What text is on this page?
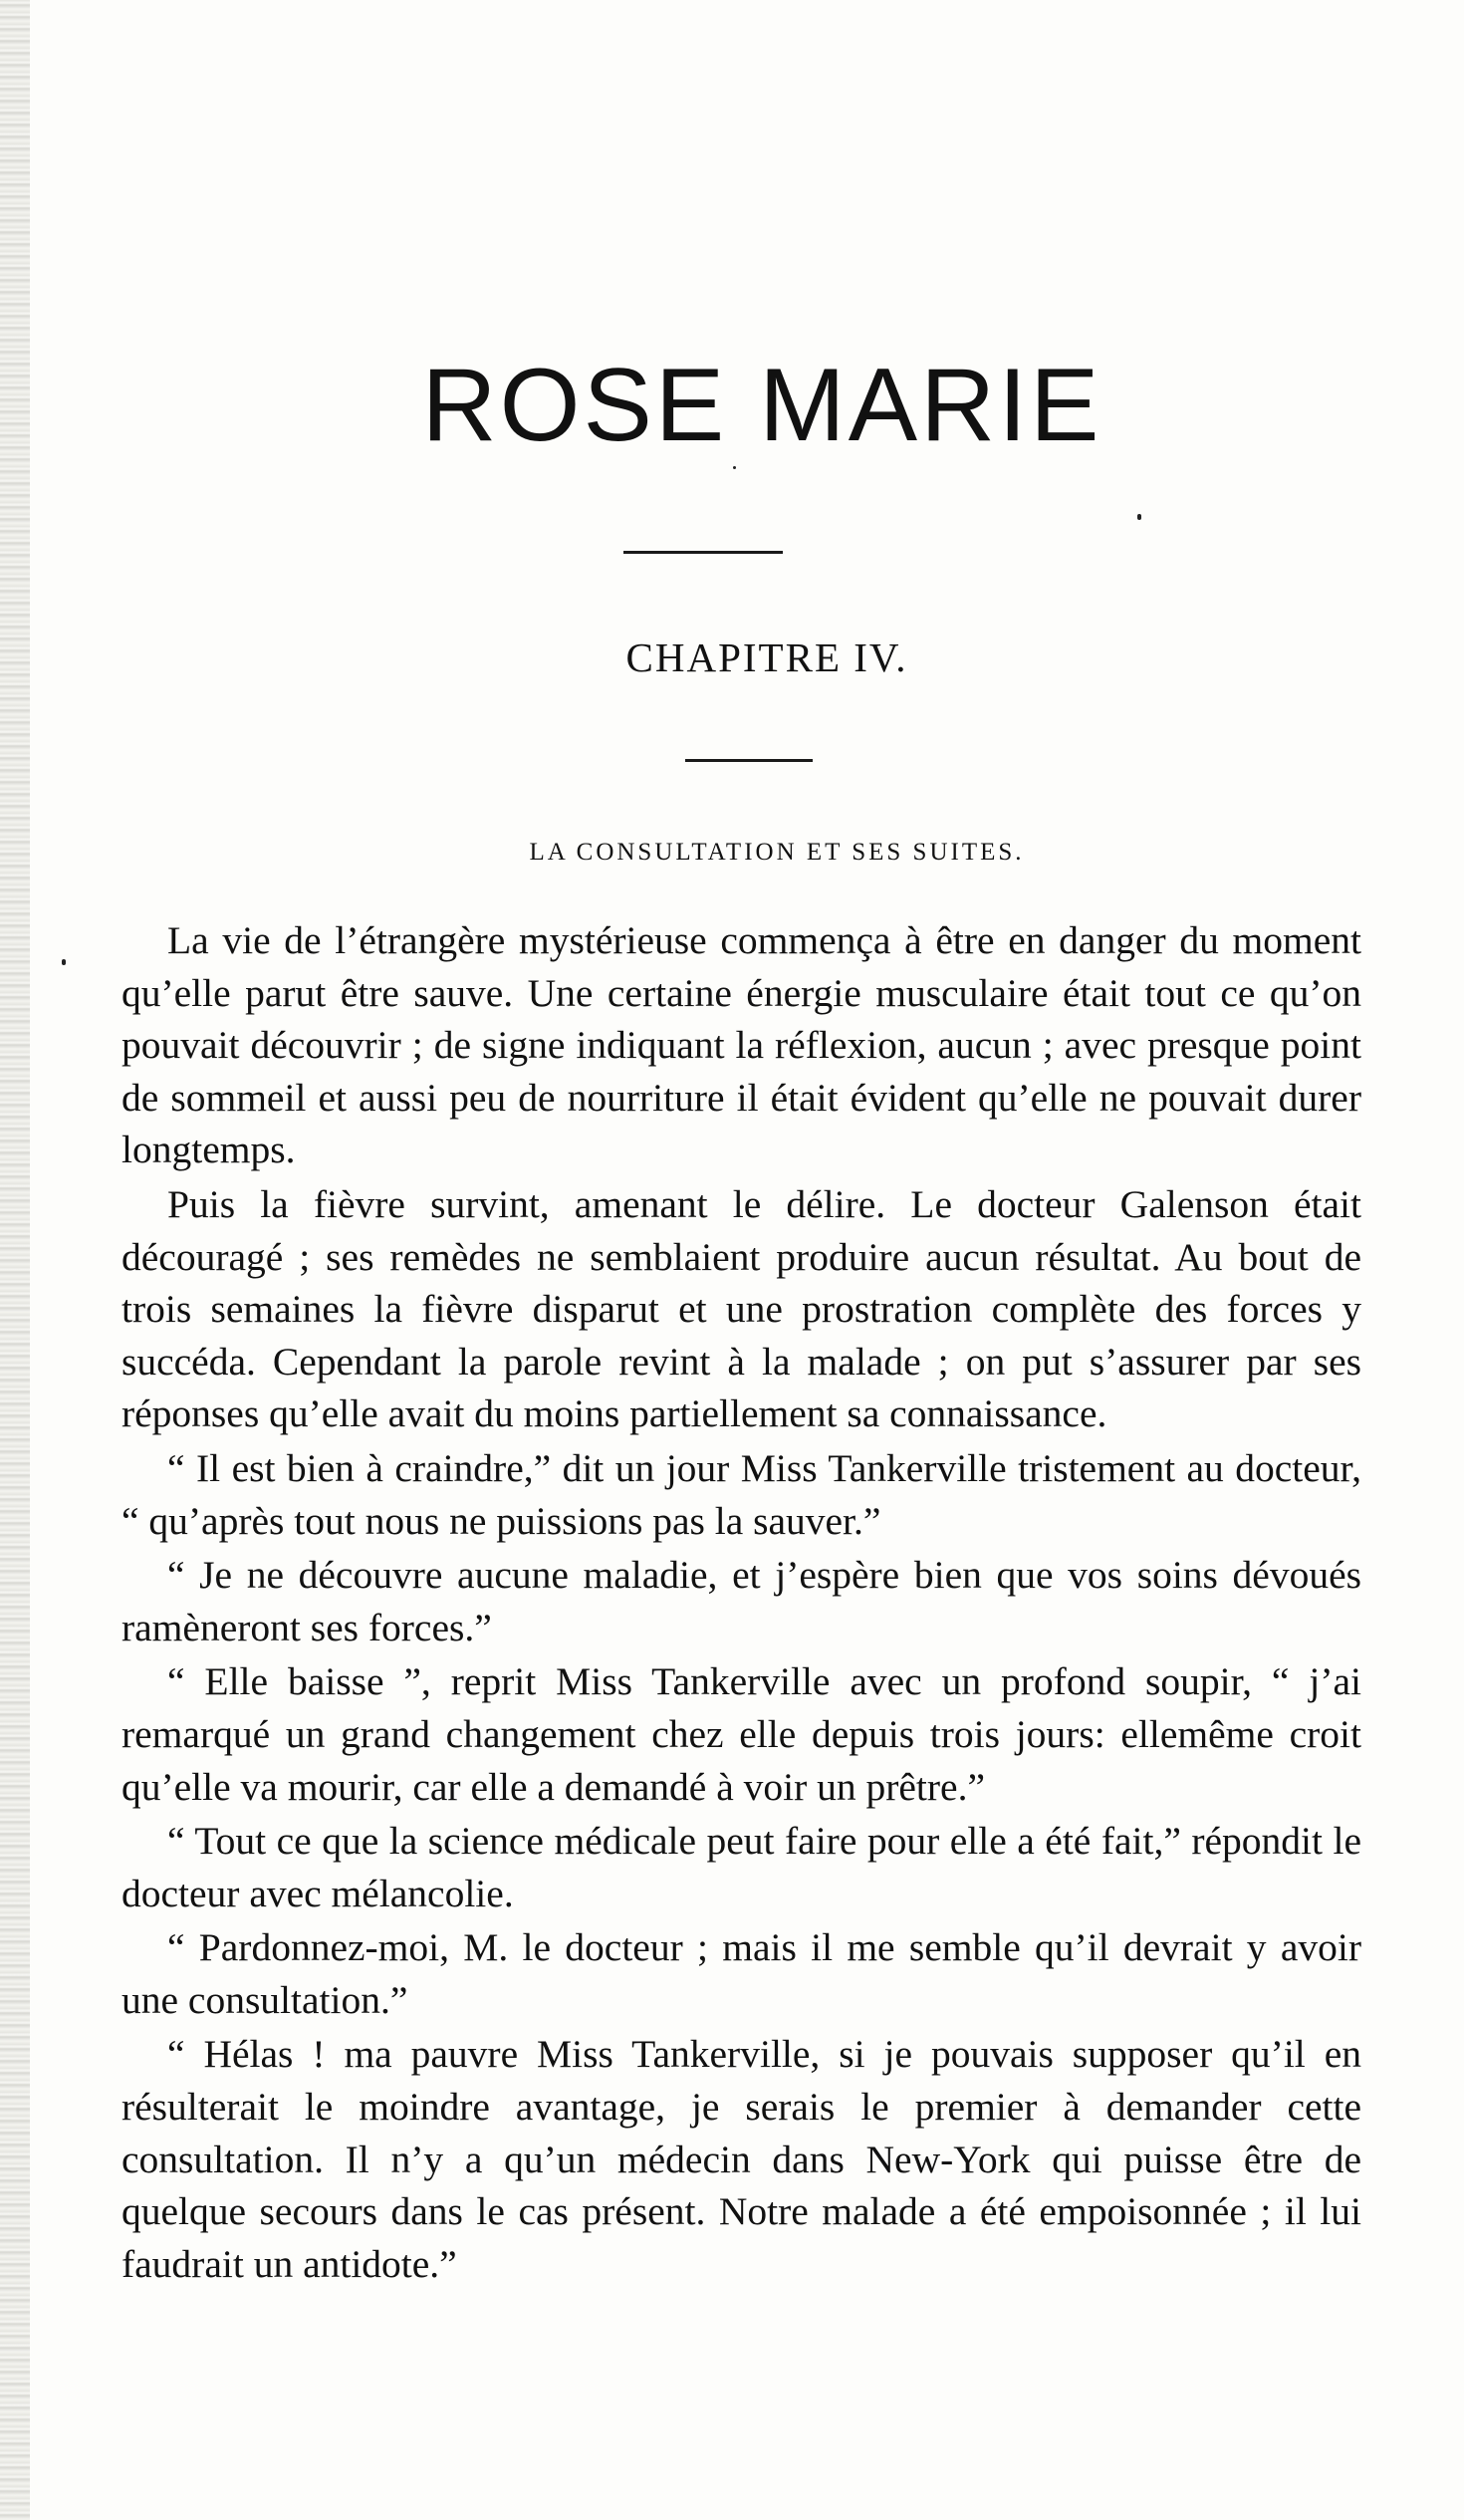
ROSE MARIE
CHAPITRE IV.
LA CONSULTATION ET SES SUITES.

La vie de l’étrangère mystérieuse commença à être en danger du moment qu’elle parut être sauve. Une certaine énergie musculaire était tout ce qu’on pouvait découvrir ; de signe indiquant la réflexion, aucun ; avec presque point de sommeil et aussi peu de nourriture il était évident qu’elle ne pouvait durer longtemps.

Puis la fièvre survint, amenant le délire. Le docteur Galenson était découragé ; ses remèdes ne semblaient produire aucun résultat. Au bout de trois semaines la fièvre disparut et une prostration complète des forces y succéda. Cependant la parole revint à la malade ; on put s’assurer par ses réponses qu’elle avait du moins partiellement sa connaissance.

“ Il est bien à craindre,” dit un jour Miss Tankerville tristement au docteur, “ qu’après tout nous ne puissions pas la sauver.”

“ Je ne découvre aucune maladie, et j’espère bien que vos soins dévoués ramèneront ses forces.”

“ Elle baisse ”, reprit Miss Tankerville avec un profond soupir, “ j’ai remarqué un grand changement chez elle depuis trois jours: ellemême croit qu’elle va mourir, car elle a demandé à voir un prêtre.”

“ Tout ce que la science médicale peut faire pour elle a été fait,” répondit le docteur avec mélancolie.

“ Pardonnez-moi, M. le docteur ; mais il me semble qu’il devrait y avoir une consultation.”

“ Hélas ! ma pauvre Miss Tankerville, si je pouvais supposer qu’il en résulterait le moindre avantage, je serais le premier à demander cette consultation. Il n’y a qu’un médecin dans New-York qui puisse être de quelque secours dans le cas présent. Notre malade a été empoisonnée ; il lui faudrait un antidote.”
